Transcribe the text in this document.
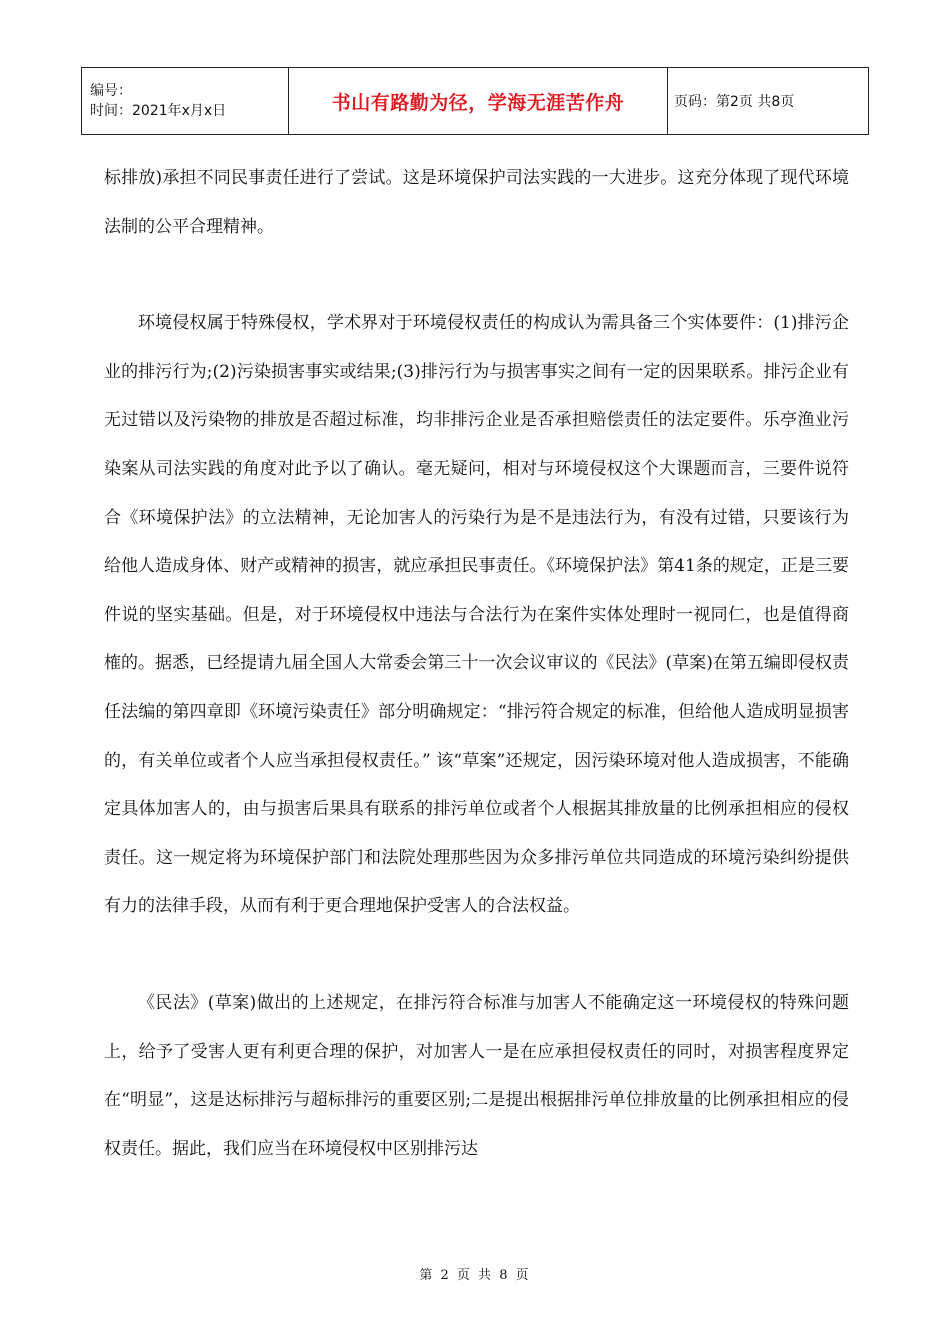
编号：
时间：2021年x月x日	书山有路勤为径，学海无涯苦作舟	页码：第2页 共8页

标排放)承担不同民事责任进行了尝试。这是环境保护司法实践的一大进步。这充分体现了现代环境法制的公平合理精神。

环境侵权属于特殊侵权，学术界对于环境侵权责任的构成认为需具备三个实体要件：(1)排污企业的排污行为;(2)污染损害事实或结果;(3)排污行为与损害事实之间有一定的因果联系。排污企业有无过错以及污染物的排放是否超过标准，均非排污企业是否承担赔偿责任的法定要件。乐亭渔业污染案从司法实践的角度对此予以了确认。毫无疑问，相对与环境侵权这个大课题而言，三要件说符合《环境保护法》的立法精神，无论加害人的污染行为是不是违法行为，有没有过错，只要该行为给他人造成身体、财产或精神的损害，就应承担民事责任。《环境保护法》第41条的规定，正是三要件说的坚实基础。但是，对于环境侵权中违法与合法行为在案件实体处理时一视同仁，也是值得商榷的。据悉，已经提请九届全国人大常委会第三十一次会议审议的《民法》(草案)在第五编即侵权责任法编的第四章即《环境污染责任》部分明确规定：“排污符合规定的标准，但给他人造成明显损害的，有关单位或者个人应当承担侵权责任。” 该“草案”还规定，因污染环境对他人造成损害，不能确定具体加害人的，由与损害后果具有联系的排污单位或者个人根据其排放量的比例承担相应的侵权责任。这一规定将为环境保护部门和法院处理那些因为众多排污单位共同造成的环境污染纠纷提供有力的法律手段，从而有利于更合理地保护受害人的合法权益。

《民法》(草案)做出的上述规定，在排污符合标准与加害人不能确定这一环境侵权的特殊问题上，给予了受害人更有利更合理的保护，对加害人一是在应承担侵权责任的同时，对损害程度界定在“明显”，这是达标排污与超标排污的重要区别;二是提出根据排污单位排放量的比例承担相应的侵权责任。据此，我们应当在环境侵权中区别排污达

第 2 页 共 8 页
